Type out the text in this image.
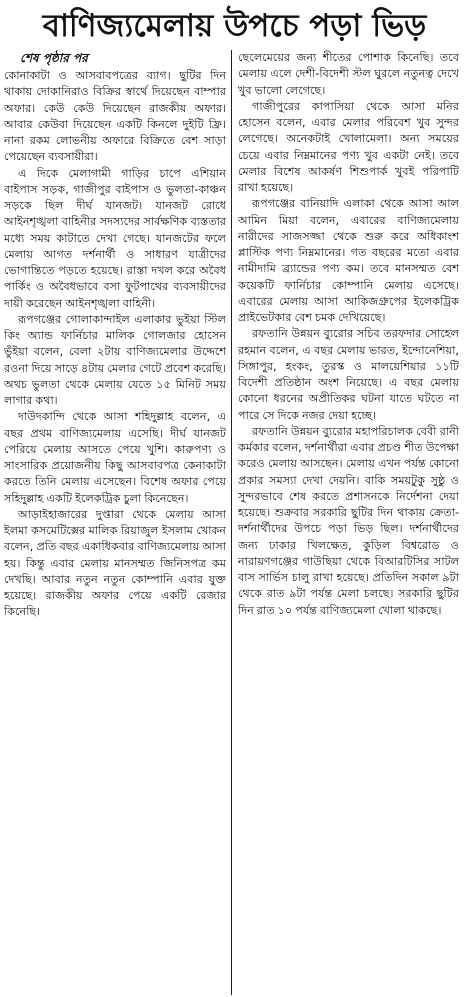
বাণিজ্যমেলায় উপচে পড়া ভিড়
শেষ পৃষ্ঠার পর

কোনাকাটা ও আসবাবপত্রের ব্যাগ। ছুটির দিন থাকায় দোকানিরাও বিক্রির স্বার্থে দিয়েছেন বাম্পার অফার। কেউ কেউ দিয়েছেন রাজকীয় অফার। আবার কেউবা দিয়েছেন একটি কিনলে দুইটি ফ্রি। নানা রকম লোভনীয় অফারে বিক্রিতে বেশ সাড়া পেয়েছেন ব্যবসায়ীরা।

এ দিকে মেলাগামী গাড়ির চাপে এশিয়ান বাইপাস সড়ক, গাজীপুর বাইপাস ও ভুলতা-কাঞ্চন সড়কে ছিল দীর্ঘ যানজট। যানজট রোধে আইনশৃঙ্খলা বাহিনীর সদস্যদের সার্বক্ষণিক ব্যস্ততার মধ্যে সময় কাটাতে দেখা গেছে। যানজটের ফলে মেলায় আগত দর্শনার্থী ও সাধারণ যাত্রীদের ভোগান্তিতে পড়তে হয়েছে। রাস্তা দখল করে অবৈধ পার্কিং ও অবৈধভাবে বসা ফুটপাথের ব্যবসায়ীদের দায়ী করেছেন আইনশৃঙ্খলা বাহিনী।

রূপগঞ্জের গোলাকান্দাইল এলাকার ভুইয়া স্টিল কিং অ্যান্ড ফার্নিচার মালিক গোলজার হোসেন ভুঁইয়া বলেন, বেলা ২টায় বাণিজ্যমেলার উদ্দেশে রওনা দিয়ে সাড়ে ৪টায় মেলার গেটে প্রবেশ করেছি। অথচ ভুলতা থেকে মেলায় যেতে ১৫ মিনিট সময় লাগার কথা।

দাউদকান্দি থেকে আসা শহিদুল্লাহ বলেন, এ বছর প্রথম বাণিজ্যমেলায় এসেছি। দীর্ঘ যানজট পেরিয়ে মেলায় আসতে পেয়ে খুশি। কারুপণ্য ও সাংসারিক প্রয়োজনীয় কিছু আসবাবপত্র কেনাকাটা করতে তিনি মেলায় এসেছেন। বিশেষ অফার পেয়ে সহিদুল্লাহ একটি ইলেকট্রিক চুলা কিনেছেন।

আড়াইহাজারের দুপ্তারা থেকে মেলায় আসা ইলমা কসমেটিক্সের মালিক রিয়াজুল ইসলাম খোকন বলেন, প্রতি বছর একাধিকবার বাণিজ্যমেলায় আসা হয়। কিন্তু এবার মেলায় মানসম্মত জিনিসপত্র কম দেখছি। আবার নতুন নতুন কোম্পানি এবার যুক্ত হয়েছে। রাজকীয় অফার পেয়ে একটি রেজার কিনেছি।

ছেলেমেয়ের জন্য শীতের পোশাক কিনেছি। তবে মেলায় এলে দেশী-বিদেশী স্টল ঘুরলে নতুনত্ব দেখে খুব ভালো লেগেছে।

গাজীপুরের কাপাসিয়া থেকে আসা মনির হোসেন বলেন, এবার মেলার পরিবেশ খুব সুন্দর লেগেছে। অনেকটাই খোলামেলা। অন্য সময়ের চেয়ে এবার নিম্নমানের পণ্য খুব একটা নেই। তবে মেলার বিশেষ আকর্ষণ শিশুপার্ক খুবই পরিপাটি রাখা হয়েছে।

রূপগঞ্জের বানিয়াদি এলাকা থেকে আসা আল আমিন মিয়া বলেন, এবারের বাণিজ্যমেলায় নারীদের সাজসজ্জা থেকে শুরু করে অধিকাংশ প্লাস্টিক পণ্য নিম্নমানের। গত বছরের মতো এবার নামীদামি ব্র্যান্ডের পণ্য কম। তবে মানসম্মত বেশ কয়েকটি ফার্নিচার কোম্পানি মেলায় এসেছে। এবারের মেলায় আসা আকিজগ্রুপের ইলেকট্রিক প্রাইভেটকার বেশ চমক দেখিয়েছে।

রফতানি উন্নয়ন ব্যুরোর সচিব তরফদার সোহেল রহমান বলেন, এ বছর মেলায় ভারত, ইন্দোনেশিয়া, সিঙ্গাপুর, হংকং, তুরস্ক ও মালয়েশিয়ার ১১টি বিদেশী প্রতিষ্ঠান অংশ নিয়েছে। এ বছর মেলায় কোনো ধরনের অপ্রীতিকর ঘটনা যাতে ঘটতে না পারে সে দিকে নজর দেয়া হচ্ছে।

রফতানি উন্নয়ন ব্যুরোর মহাপরিচালক বেবী রানী কর্মকার বলেন, দর্শনার্থীরা এবার প্রচণ্ড শীত উপেক্ষা করেও মেলায় আসছেন। মেলায় এখন পর্যন্ত কোনো প্রকার সমস্যা দেখা দেয়নি। বাকি সময়টুকু সুষ্ঠু ও সুন্দরভাবে শেষ করতে প্রশাসনকে নির্দেশনা দেয়া হয়েছে। শুক্রবার সরকারি ছুটির দিন থাকায় ক্রেতা-দর্শনার্থীদের উপচে পড়া ভিড় ছিল। দর্শনার্থীদের জন্য ঢাকার খিলক্ষেত, কুড়িল বিশ্বরোড ও নারায়ণগঞ্জের গাউছিয়া থেকে বিআরটিসির সাটল বাস সার্ভিস চালু রাখা হয়েছে। প্রতিদিন সকাল ৯টা থেকে রাত ৯টা পর্যন্ত মেলা চলছে। সরকারি ছুটির দিন রাত ১০ পর্যন্ত বাণিজ্যমেলা খোলা থাকছে।
